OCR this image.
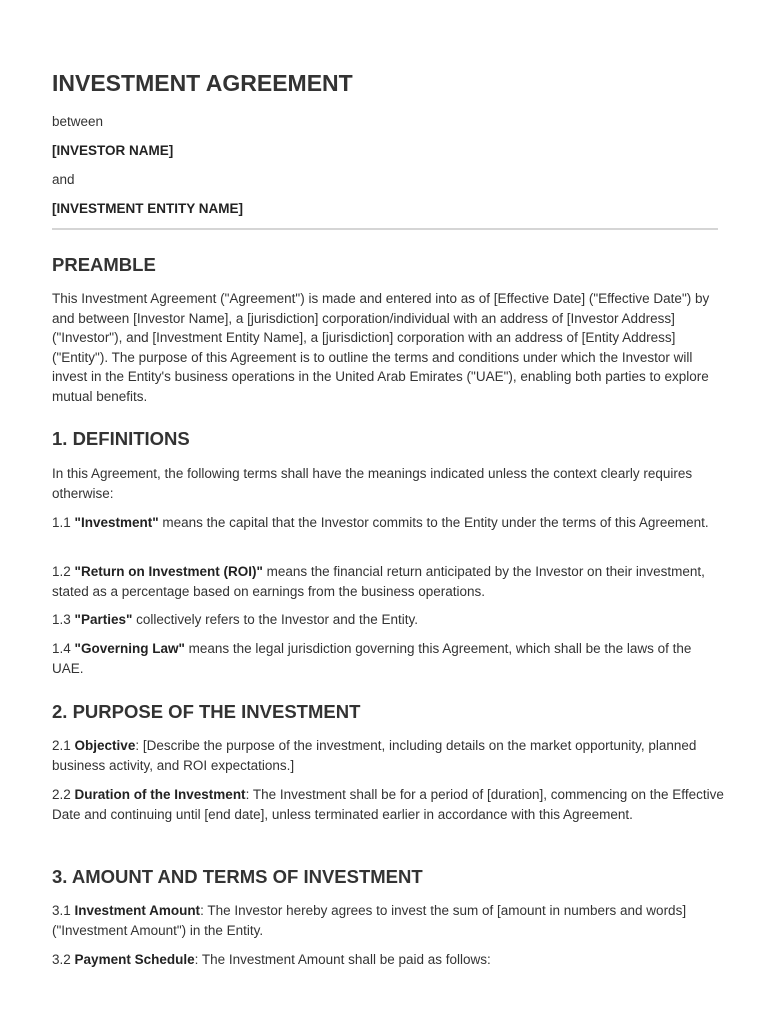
INVESTMENT AGREEMENT

between

[INVESTOR NAME]

and

[INVESTMENT ENTITY NAME]

PREAMBLE

This Investment Agreement ("Agreement") is made and entered into as of [Effective Date] ("Effective Date") by and between [Investor Name], a [jurisdiction] corporation/individual with an address of [Investor Address] ("Investor"), and [Investment Entity Name], a [jurisdiction] corporation with an address of [Entity Address] ("Entity"). The purpose of this Agreement is to outline the terms and conditions under which the Investor will invest in the Entity's business operations in the United Arab Emirates ("UAE"), enabling both parties to explore mutual benefits.

1. DEFINITIONS

In this Agreement, the following terms shall have the meanings indicated unless the context clearly requires otherwise:

1.1 "Investment" means the capital that the Investor commits to the Entity under the terms of this Agreement.

1.2 "Return on Investment (ROI)" means the financial return anticipated by the Investor on their investment, stated as a percentage based on earnings from the business operations.

1.3 "Parties" collectively refers to the Investor and the Entity.

1.4 "Governing Law" means the legal jurisdiction governing this Agreement, which shall be the laws of the UAE.

2. PURPOSE OF THE INVESTMENT

2.1 Objective: [Describe the purpose of the investment, including details on the market opportunity, planned business activity, and ROI expectations.]

2.2 Duration of the Investment: The Investment shall be for a period of [duration], commencing on the Effective Date and continuing until [end date], unless terminated earlier in accordance with this Agreement.

3. AMOUNT AND TERMS OF INVESTMENT

3.1 Investment Amount: The Investor hereby agrees to invest the sum of [amount in numbers and words] ("Investment Amount") in the Entity.

3.2 Payment Schedule: The Investment Amount shall be paid as follows:
